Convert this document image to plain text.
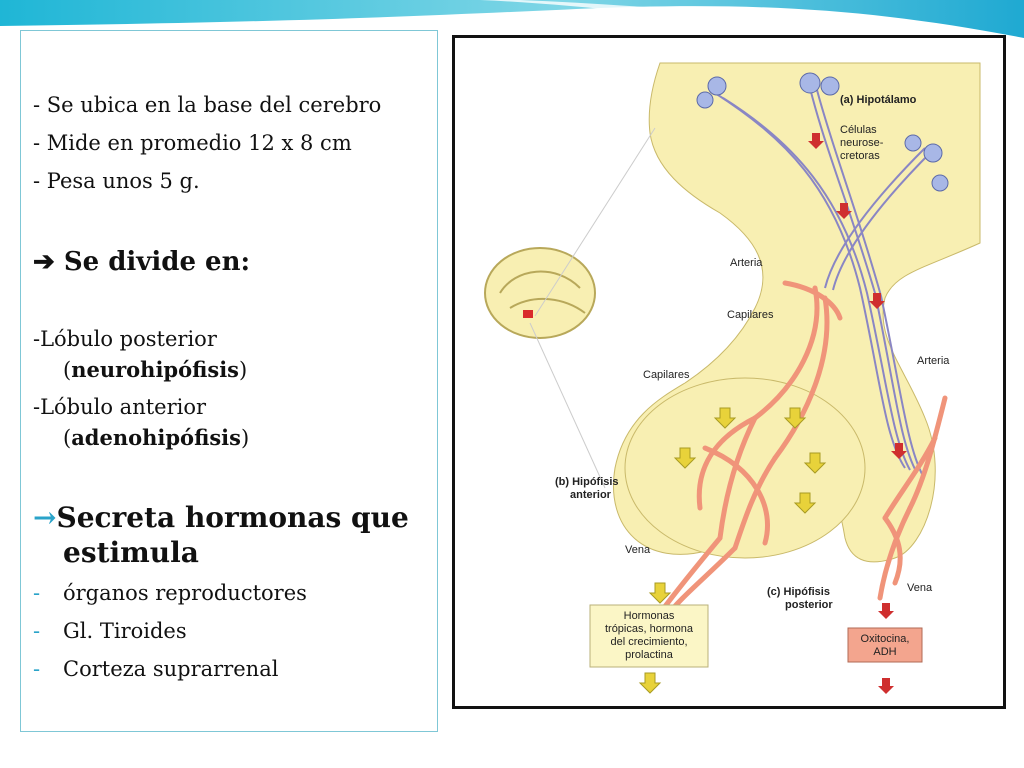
- Se ubica en la base del cerebro
- Mide en promedio 12 x 8 cm
- Pesa unos 5 g.
➔ Se divide en:
-Lóbulo posterior
(neurohipófisis)
-Lóbulo anterior
(adenohipófisis)
→Secreta hormonas que
estimula
- órganos reproductores
- Gl. Tiroides
- Corteza suprarrenal
(a) Hipotálamo
Células
neurose-
cretoras
Arteria
Capilares
Capilares
Arteria
(b) Hipófisis
anterior
Vena
(c) Hipófisis
posterior
Vena
Hormonas
trópicas, hormona
del crecimiento,
prolactina
Oxitocina,
ADH
